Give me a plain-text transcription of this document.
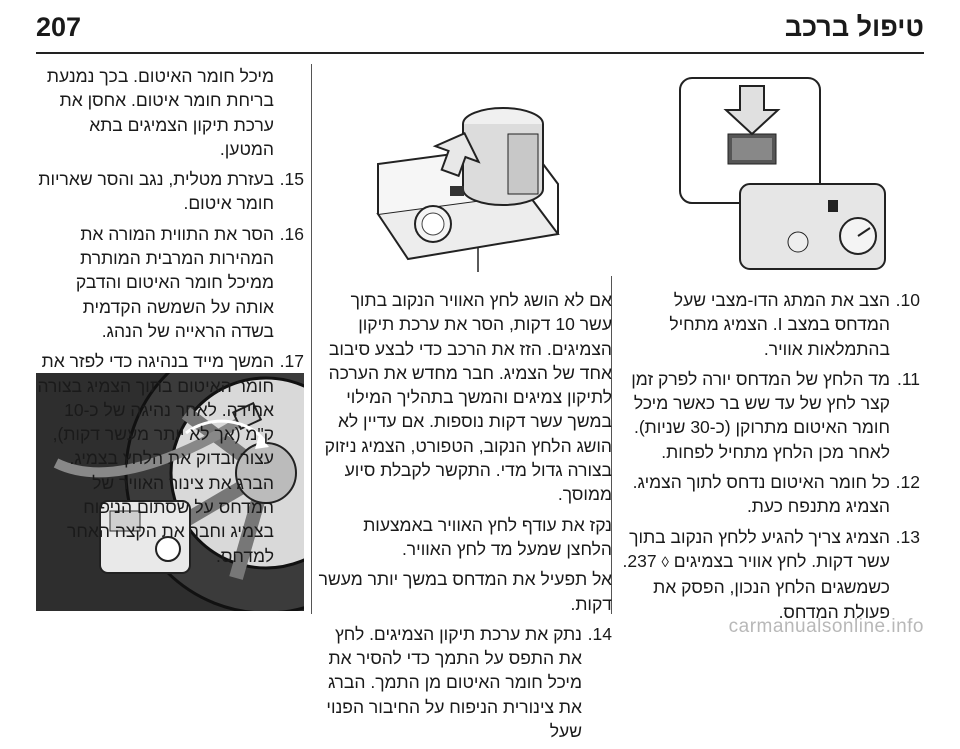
207	טיפול ברכב
10.
הצב את המתג הדו-מצבי שעל המדחס במצב I. הצמיג מתחיל בהתמלאות אוויר.
11.
מד הלחץ של המדחס יורה לפרק זמן קצר לחץ של עד שש בר כאשר מיכל חומר האיטום מתרוקן (כ-30 שניות). לאחר מכן הלחץ מתחיל לפחות.
12.
כל חומר האיטום נדחס לתוך הצמיג. הצמיג מתנפח כעת.
13.
הצמיג צריך להגיע ללחץ הנקוב בתוך עשר דקות. לחץ אוויר בצמיגים ◊ 237. כשמשגים הלחץ הנכון, הפסק את פעולת המדחס.
אם לא הושג לחץ האוויר הנקוב בתוך עשר 10 דקות, הסר את ערכת תיקון הצמיגים. הזז את הרכב כדי לבצע סיבוב אחד של הצמיג. חבר מחדש את הערכה לתיקון צמיגים והמשך בתהליך המילוי במשך עשר דקות נוספות. אם עדיין לא הושג הלחץ הנקוב, הטפורט, הצמיג ניזוק בצורה גדול מדי. התקשר לקבלת סיוע ממוסך.
נקז את עודף לחץ האוויר באמצעות הלחצן שמעל מד לחץ האוויר.
אל תפעיל את המדחס במשך יותר מעשר דקות.
14.
נתק את ערכת תיקון הצמיגים. לחץ את התפס על התמך כדי להסיר את מיכל חומר האיטום מן התמך. הברג את צינורית הניפוח על החיבור הפנוי שעל
מיכל חומר האיטום. בכך נמנעת בריחת חומר איטום. אחסן את ערכת תיקון הצמיגים בתא המטען.
15.
בעזרת מטלית, נגב והסר שאריות חומר איטום.
16.
הסר את התווית המורה את המהירות המרבית המותרת ממיכל חומר האיטום והדבק אותה על השמשה הקדמית בשדה הראייה של הנהג.
17.
המשך מייד בנהיגה כדי לפזר את חומר האיטום בתוך הצמיג בצורה אחידה. לאחר נהיגה של כ-10 ק"מ (אך לא יותר מעשר דקות), עצור ובדוק את הלחץ בצמיג. הברג את צינור האוויר של המדחס על שסתום הניפוח בצמיג וחבר את הקצה האחר למדחס.
carmanualsonline.info
